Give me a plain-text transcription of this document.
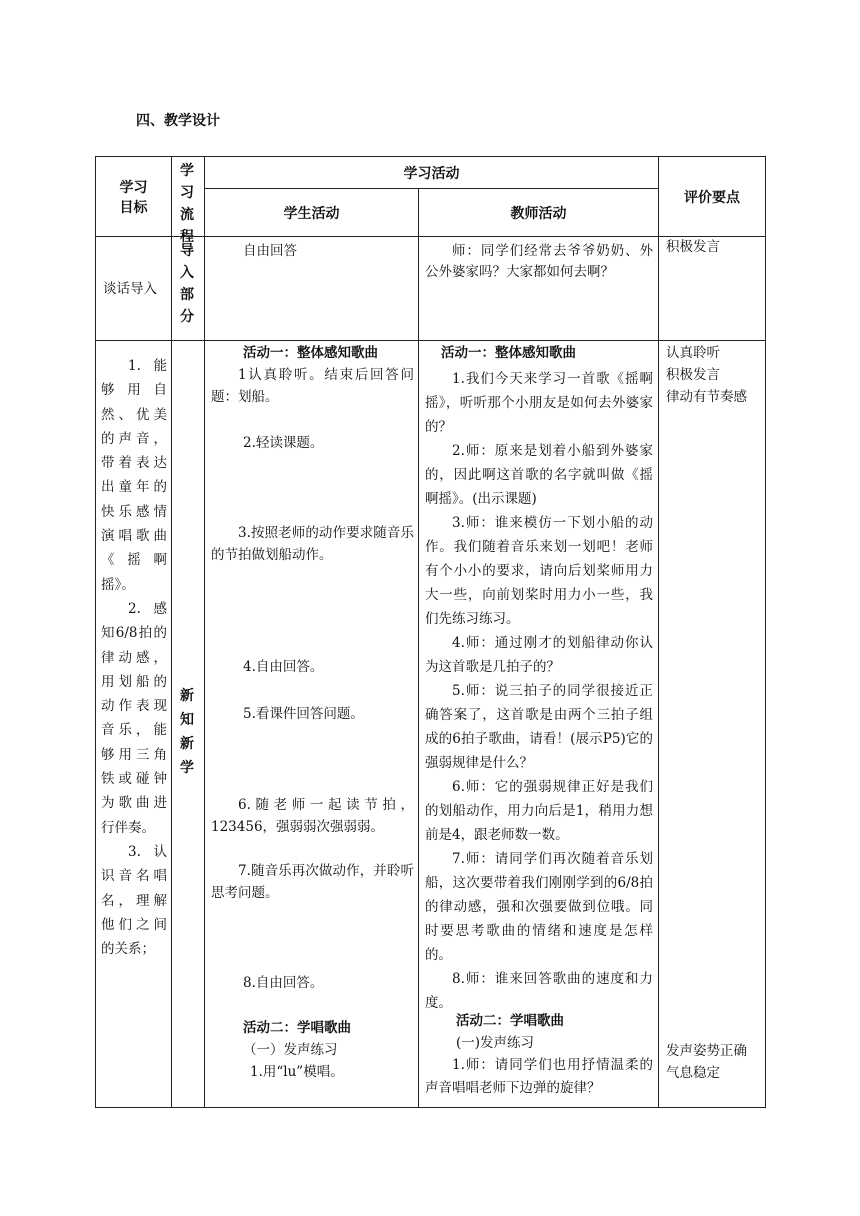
四、教学设计
学习
目标
学习流程
学习活动
学生活动	教师活动
评价要点
谈话导入
导入部分
自由回答	师：同学们经常去爷爷奶奶、外公外婆家吗？大家都如何去啊？

积极发言

1.能够用自然、优美的声音，带着表达出童年的快乐感情演唱歌曲《摇啊摇》。

2.感知6/8拍的律动感，用划船的动作表现音乐，能够用三角铁或碰钟为歌曲进行伴奏。

3.认识音名唱名，理解他们之间的关系；

新知新学
活动一：整体感知歌曲

1认真聆听。结束后回答问题：划船。

2.轻读课题。

3.按照老师的动作要求随音乐的节拍做划船动作。

4.自由回答。
5.看课件回答问题。

6.随老师一起读节拍，123456，强弱弱次强弱弱。

7.随音乐再次做动作，并聆听思考问题。

8.自由回答。
活动二：学唱歌曲
（一）发声练习
1.用“lu”模唱。
活动一：整体感知歌曲

1.我们今天来学习一首歌《摇啊摇》，听听那个小朋友是如何去外婆家的？

2.师：原来是划着小船到外婆家的，因此啊这首歌的名字就叫做《摇啊摇》。(出示课题)

3.师：谁来模仿一下划小船的动作。我们随着音乐来划一划吧！老师有个小小的要求，请向后划桨师用力大一些，向前划桨时用力小一些，我们先练习练习。

4.师：通过刚才的划船律动你认为这首歌是几拍子的？

5.师：说三拍子的同学很接近正确答案了，这首歌是由两个三拍子组成的6拍子歌曲，请看！(展示P5)它的强弱规律是什么？

6.师：它的强弱规律正好是我们的划船动作，用力向后是1，稍用力想前是4，跟老师数一数。

7.师：请同学们再次随着音乐划船，这次要带着我们刚刚学到的6/8拍的律动感，强和次强要做到位哦。同时要思考歌曲的情绪和速度是怎样的。

8.师：谁来回答歌曲的速度和力度。

活动二：学唱歌曲
(一)发声练习

1.师：请同学们也用抒情温柔的声音唱唱老师下边弹的旋律？

认真聆听
积极发言
律动有节奏感
发声姿势正确
气息稳定
